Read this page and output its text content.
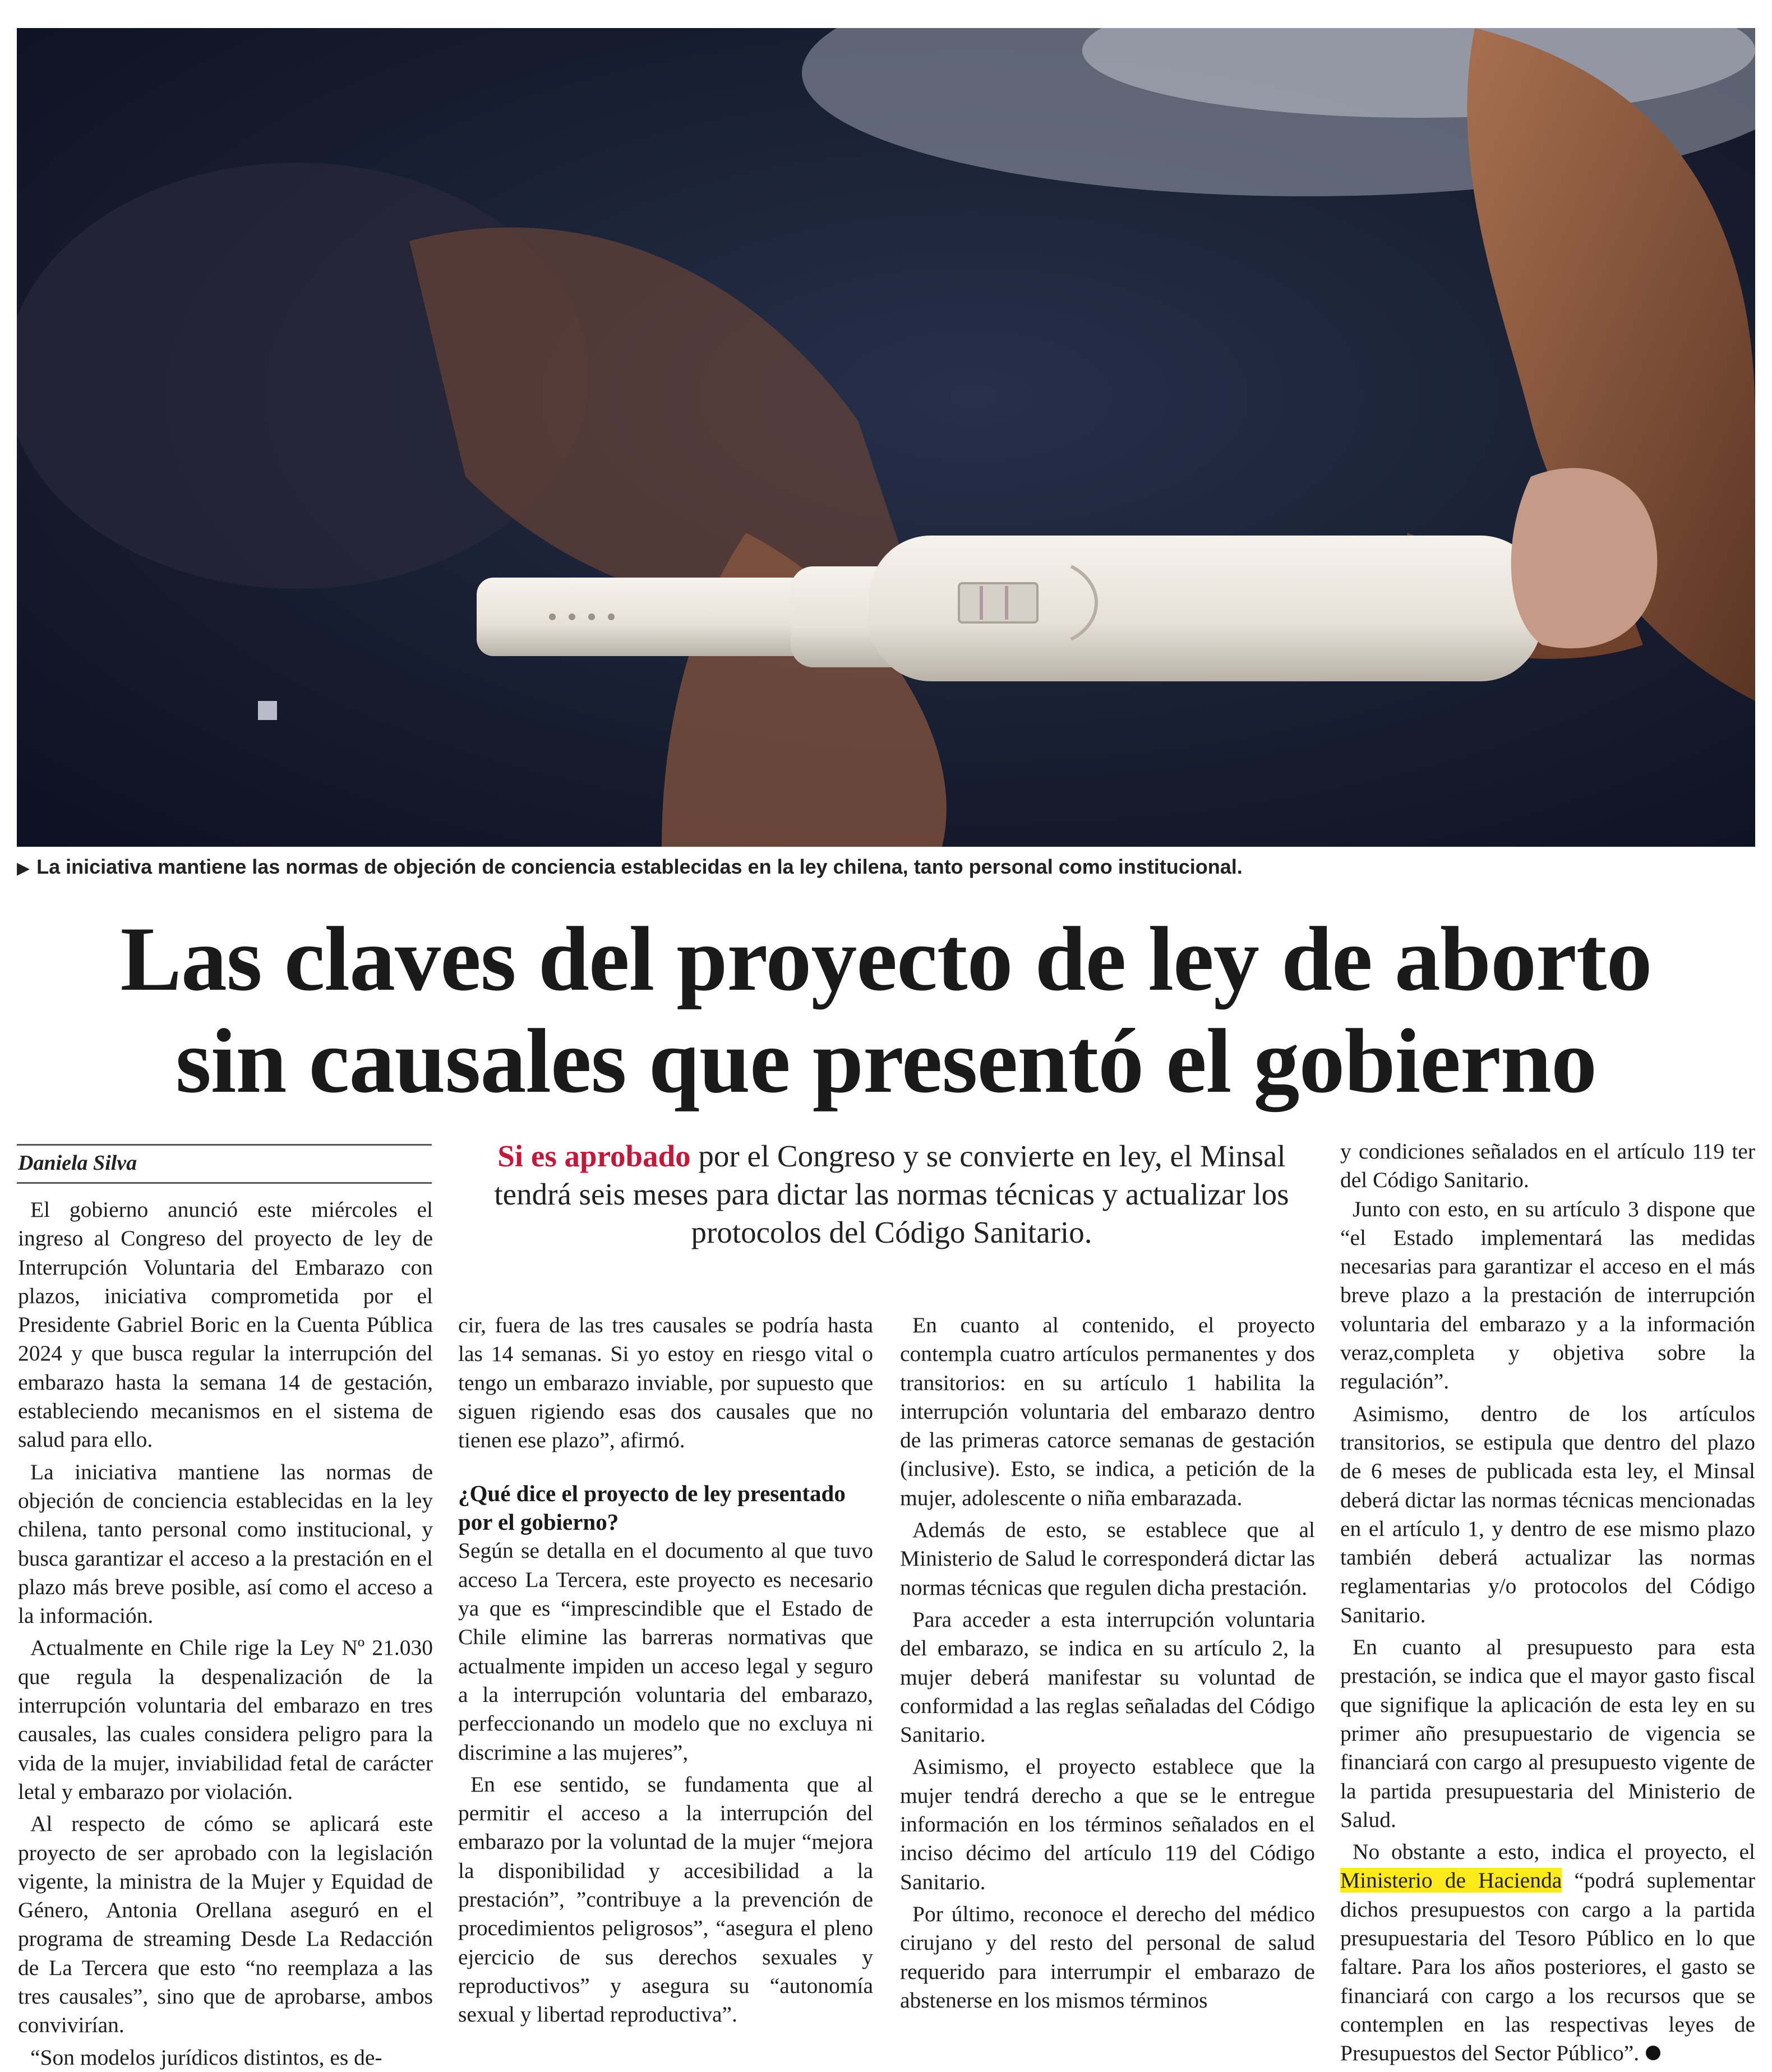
▶ La iniciativa mantiene las normas de objeción de conciencia establecidas en la ley chilena, tanto personal como institucional.
Las claves del proyecto de ley de aborto
sin causales que presentó el gobierno
Daniela Silva	Si es aprobado por el Congreso y se convierte en ley, el Minsal tendrá seis meses para dictar las normas técnicas y actualizar los protocolos del Código Sanitario.

El gobierno anunció este miércoles el ingreso al Congreso del proyecto de ley de Interrupción Voluntaria del Embarazo con plazos, iniciativa comprometida por el Presidente Gabriel Boric en la Cuenta Pública 2024 y que busca regular la interrupción del embarazo hasta la semana 14 de gestación, estableciendo mecanismos en el sistema de salud para ello.

La iniciativa mantiene las normas de objeción de conciencia establecidas en la ley chilena, tanto personal como institucional, y busca garantizar el acceso a la prestación en el plazo más breve posible, así como el acceso a la información.

Actualmente en Chile rige la Ley Nº 21.030 que regula la despenalización de la interrupción voluntaria del embarazo en tres causales, las cuales considera peligro para la vida de la mujer, inviabilidad fetal de carácter letal y embarazo por violación.

Al respecto de cómo se aplicará este proyecto de ser aprobado con la legislación vigente, la ministra de la Mujer y Equidad de Género, Antonia Orellana aseguró en el programa de streaming Desde La Redacción de La Tercera que esto “no reemplaza a las tres causales”, sino que de aprobarse, ambos convivirían.

“Son modelos jurídicos distintos, es de-

cir, fuera de las tres causales se podría hasta las 14 semanas. Si yo estoy en riesgo vital o tengo un embarazo inviable, por supuesto que siguen rigiendo esas dos causales que no tienen ese plazo”, afirmó.

¿Qué dice el proyecto de ley presentado por el gobierno?

Según se detalla en el documento al que tuvo acceso La Tercera, este proyecto es necesario ya que es “imprescindible que el Estado de Chile elimine las barreras normativas que actualmente impiden un acceso legal y seguro a la interrupción voluntaria del embarazo, perfeccionando un modelo que no excluya ni discrimine a las mujeres”,

En ese sentido, se fundamenta que al permitir el acceso a la interrupción del embarazo por la voluntad de la mujer “mejora la disponibilidad y accesibilidad a la prestación”, ”contribuye a la prevención de procedimientos peligrosos”, “asegura el pleno ejercicio de sus derechos sexuales y reproductivos” y asegura su “autonomía sexual y libertad reproductiva”.

En cuanto al contenido, el proyecto contempla cuatro artículos permanentes y dos transitorios: en su artículo 1 habilita la interrupción voluntaria del embarazo dentro de las primeras catorce semanas de gestación (inclusive). Esto, se indica, a petición de la mujer, adolescente o niña embarazada.

Además de esto, se establece que al Ministerio de Salud le corresponderá dictar las normas técnicas que regulen dicha prestación.

Para acceder a esta interrupción voluntaria del embarazo, se indica en su artículo 2, la mujer deberá manifestar su voluntad de conformidad a las reglas señaladas del Código Sanitario.

Asimismo, el proyecto establece que la mujer tendrá derecho a que se le entregue información en los términos señalados en el inciso décimo del artículo 119 del Código Sanitario.

Por último, reconoce el derecho del médico cirujano y del resto del personal de salud requerido para interrumpir el embarazo de abstenerse en los mismos términos

y condiciones señalados en el artículo 119 ter del Código Sanitario.

Junto con esto, en su artículo 3 dispone que “el Estado implementará las medidas necesarias para garantizar el acceso en el más breve plazo a la prestación de interrupción voluntaria del embarazo y a la información veraz,completa y objetiva sobre la regulación”.

Asimismo, dentro de los artículos transitorios, se estipula que dentro del plazo de 6 meses de publicada esta ley, el Minsal deberá dictar las normas técnicas mencionadas en el artículo 1, y dentro de ese mismo plazo también deberá actualizar las normas reglamentarias y/o protocolos del Código Sanitario.

En cuanto al presupuesto para esta prestación, se indica que el mayor gasto fiscal que signifique la aplicación de esta ley en su primer año presupuestario de vigencia se financiará con cargo al presupuesto vigente de la partida presupuestaria del Ministerio de Salud.

No obstante a esto, indica el proyecto, el Ministerio de Hacienda “podrá suplementar dichos presupuestos con cargo a la partida presupuestaria del Tesoro Público en lo que faltare. Para los años posteriores, el gasto se financiará con cargo a los recursos que se contemplen en las respectivas leyes de Presupuestos del Sector Público”.
